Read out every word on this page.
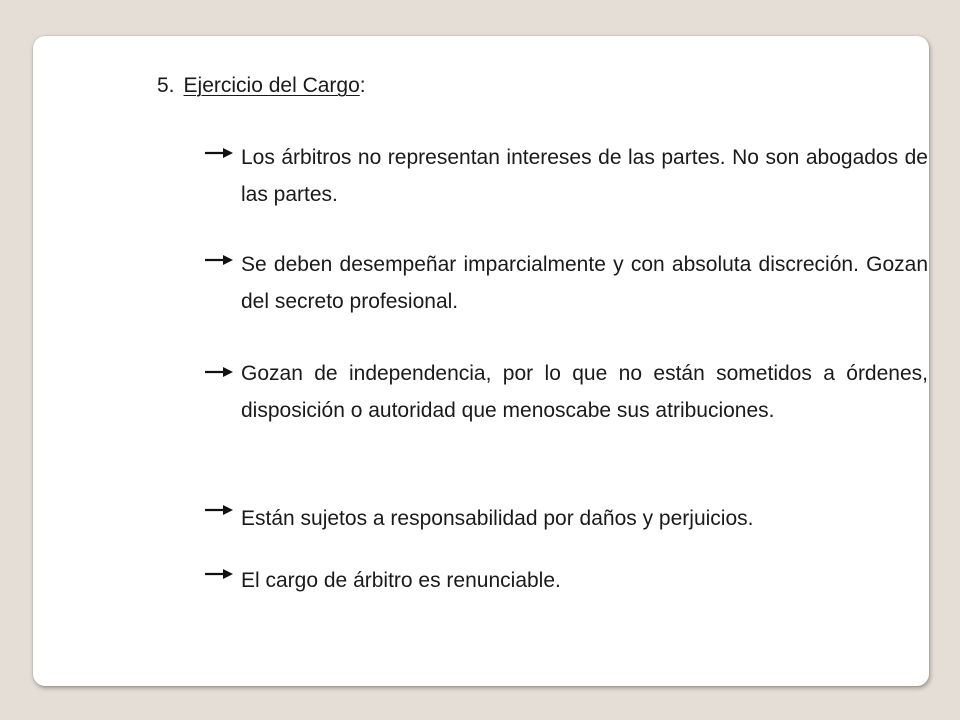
5. Ejercicio del Cargo:
Los árbitros no representan intereses de las partes. No son abogados de las partes.
Se deben desempeñar imparcialmente y con absoluta discreción. Gozan del secreto profesional.
Gozan de independencia, por lo que no están sometidos a órdenes, disposición o autoridad que menoscabe sus atribuciones.
Están sujetos a responsabilidad por daños y perjuicios.
El cargo de árbitro es renunciable.
